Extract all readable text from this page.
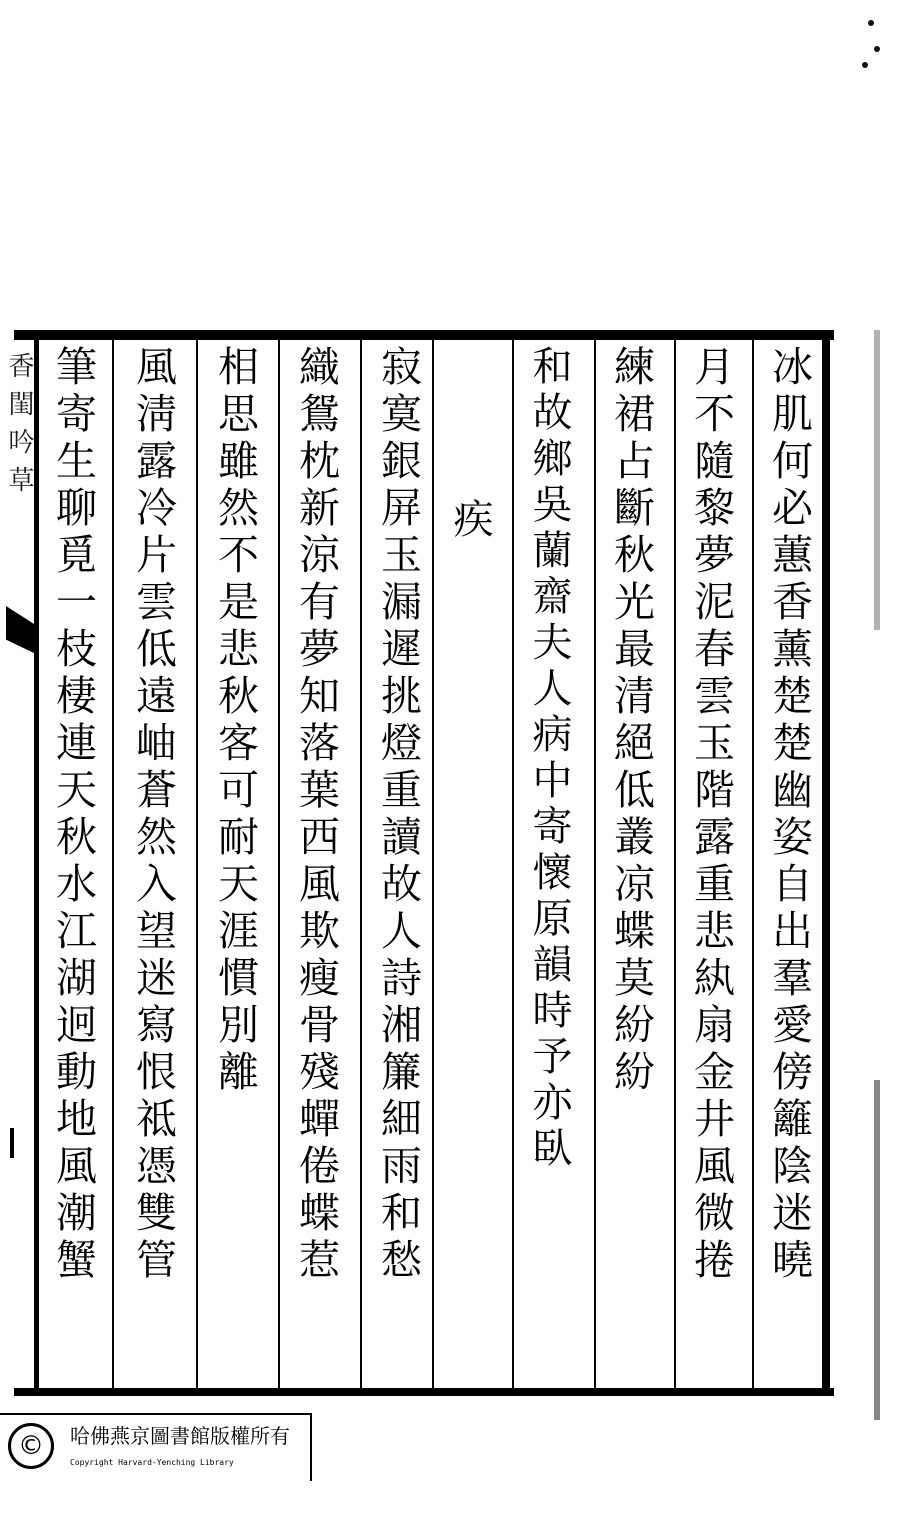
香閨吟草	冰肌何必蕙香薰楚楚幽姿自出羣愛傍籬陰迷曉
月不隨黎夢泥春雲玉階露重悲紈扇金井風微捲
練裙占斷秋光最清絕低叢凉蝶莫紛紛
和故鄉吳蘭齋夫人病中寄懷原韻時予亦臥
疾
寂寞銀屏玉漏遲挑燈重讀故人詩湘簾細雨和愁
織鴛枕新涼有夢知落葉西風欺瘦骨殘蟬倦蝶惹
相思雖然不是悲秋客可耐天涯慣別離
風淸露冷片雲低遠岫蒼然入望迷寫恨祗憑雙管
筆寄生聊覓一枝棲連天秋水江湖迥動地風潮蟹
©	哈佛燕京圖書館版權所有
Copyright Harvard-Yenching Library
